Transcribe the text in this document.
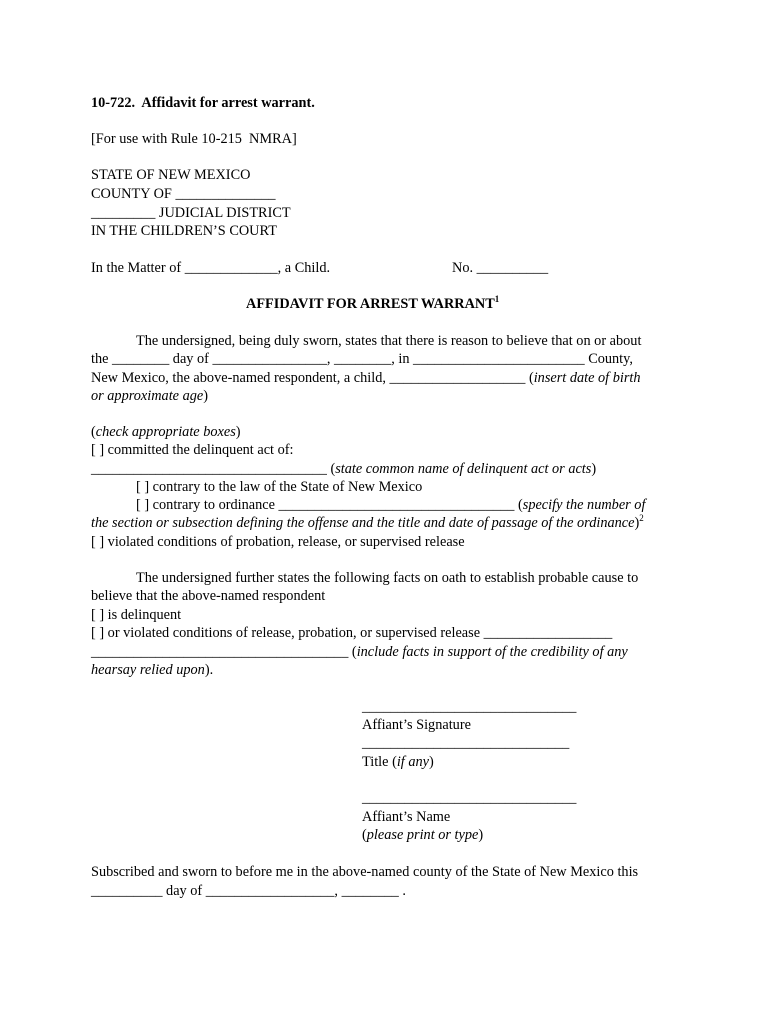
10-722.  Affidavit for arrest warrant.
[For use with Rule 10-215  NMRA]
STATE OF NEW MEXICO
COUNTY OF ______________
_________ JUDICIAL DISTRICT
IN THE CHILDREN’S COURT
In the Matter of _____________, a Child.	No. __________
AFFIDAVIT FOR ARREST WARRANT$^1$
The undersigned, being duly sworn, states that there is reason to believe that on or about
the ________ day of ________________, ________, in ________________________ County,
New Mexico, the above-named respondent, a child, ___________________ (insert date of birth
or approximate age)
(check appropriate boxes)
[ ] committed the delinquent act of:
_________________________________ (state common name of delinquent act or acts)
[ ] contrary to the law of the State of New Mexico
[ ] contrary to ordinance _________________________________ (specify the number of
the section or subsection defining the offense and the title and date of passage of the ordinance)$^2$
[ ] violated conditions of probation, release, or supervised release
The undersigned further states the following facts on oath to establish probable cause to
believe that the above-named respondent
[ ] is delinquent
[ ] or violated conditions of release, probation, or supervised release __________________
____________________________________ (include facts in support of the credibility of any
hearsay relied upon).
______________________________
Affiant’s Signature
_____________________________
Title (if any)
______________________________
Affiant’s Name
(please print or type)
Subscribed and sworn to before me in the above-named county of the State of New Mexico this
__________ day of __________________, ________ .
